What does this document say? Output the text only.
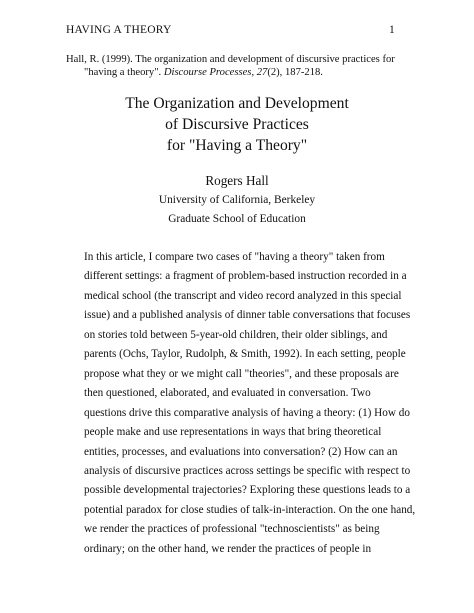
HAVING A THEORY	1
Hall, R. (1999). The organization and development of discursive practices for
"having a theory". Discourse Processes, 27(2), 187-218.
The Organization and Development
of Discursive Practices
for "Having a Theory"
Rogers Hall
University of California, Berkeley
Graduate School of Education
In this article, I compare two cases of "having a theory" taken from
different settings: a fragment of problem-based instruction recorded in a
medical school (the transcript and video record analyzed in this special
issue) and a published analysis of dinner table conversations that focuses
on stories told between 5-year-old children, their older siblings, and
parents (Ochs, Taylor, Rudolph, & Smith, 1992). In each setting, people
propose what they or we might call "theories", and these proposals are
then questioned, elaborated, and evaluated in conversation. Two
questions drive this comparative analysis of having a theory: (1) How do
people make and use representations in ways that bring theoretical
entities, processes, and evaluations into conversation? (2) How can an
analysis of discursive practices across settings be specific with respect to
possible developmental trajectories? Exploring these questions leads to a
potential paradox for close studies of talk-in-interaction. On the one hand,
we render the practices of professional "technoscientists" as being
ordinary; on the other hand, we render the practices of people in
